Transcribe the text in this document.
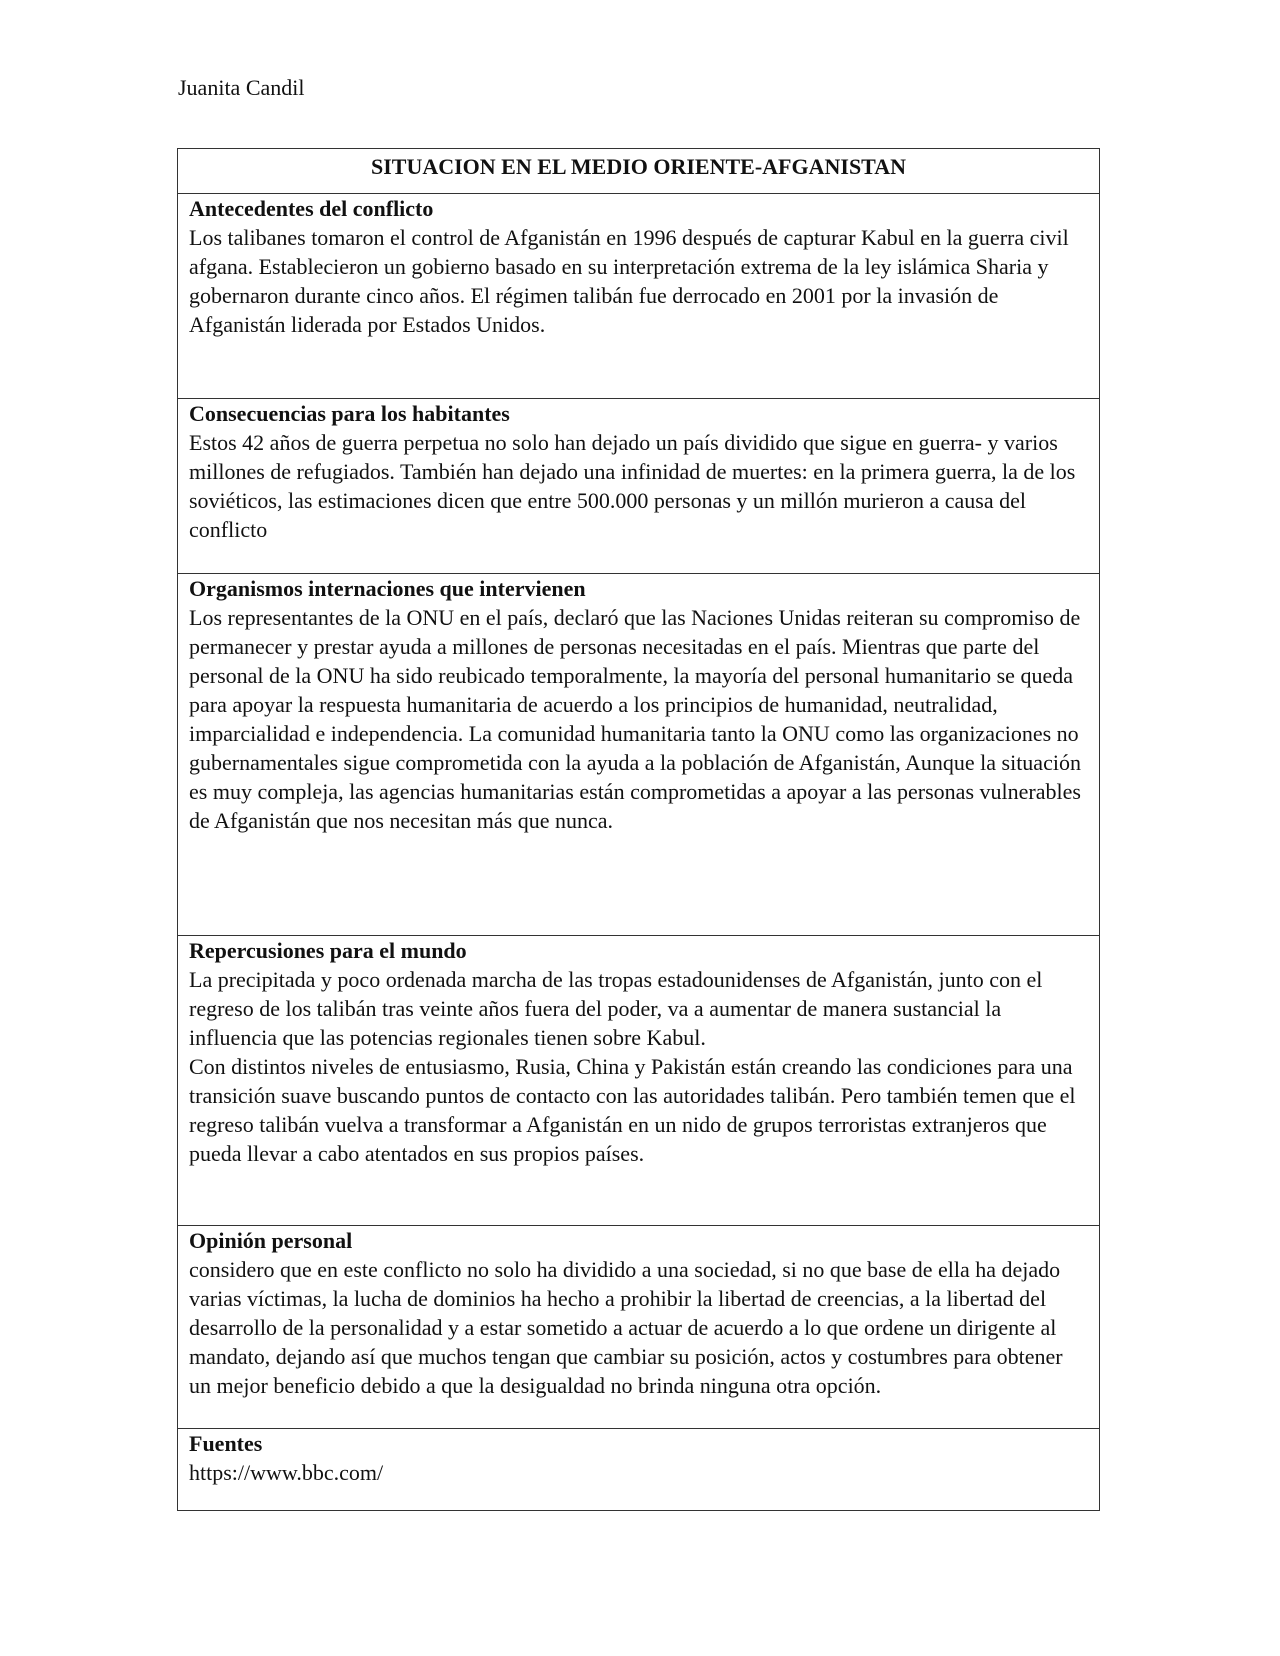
Juanita Candil
SITUACION EN EL MEDIO ORIENTE-AFGANISTAN

Antecedentes del conflicto
Los talibanes tomaron el control de Afganistán en 1996 después de capturar Kabul en la guerra civil afgana. Establecieron un gobierno basado en su interpretación extrema de la ley islámica Sharia y gobernaron durante cinco años. El régimen talibán fue derrocado en 2001 por la invasión de Afganistán liderada por Estados Unidos.

Consecuencias para los habitantes
Estos 42 años de guerra perpetua no solo han dejado un país dividido que sigue en guerra- y varios millones de refugiados. También han dejado una infinidad de muertes: en la primera guerra, la de los soviéticos, las estimaciones dicen que entre 500.000 personas y un millón murieron a causa del conflicto

Organismos internaciones que intervienen
Los representantes de la ONU en el país, declaró que las Naciones Unidas reiteran su compromiso de permanecer y prestar ayuda a millones de personas necesitadas en el país. Mientras que parte del personal de la ONU ha sido reubicado temporalmente, la mayoría del personal humanitario se queda para apoyar la respuesta humanitaria de acuerdo a los principios de humanidad, neutralidad, imparcialidad e independencia. La comunidad humanitaria tanto la ONU como las organizaciones no gubernamentales sigue comprometida con la ayuda a la población de Afganistán, Aunque la situación es muy compleja, las agencias humanitarias están comprometidas a apoyar a las personas vulnerables de Afganistán que nos necesitan más que nunca.

Repercusiones para el mundo
La precipitada y poco ordenada marcha de las tropas estadounidenses de Afganistán, junto con el regreso de los talibán tras veinte años fuera del poder, va a aumentar de manera sustancial la influencia que las potencias regionales tienen sobre Kabul.
Con distintos niveles de entusiasmo, Rusia, China y Pakistán están creando las condiciones para una transición suave buscando puntos de contacto con las autoridades talibán. Pero también temen que el regreso talibán vuelva a transformar a Afganistán en un nido de grupos terroristas extranjeros que pueda llevar a cabo atentados en sus propios países.

Opinión personal
considero que en este conflicto no solo ha dividido a una sociedad, si no que base de ella ha dejado varias víctimas, la lucha de dominios ha hecho a prohibir la libertad de creencias, a la libertad del desarrollo de la personalidad y a estar sometido a actuar de acuerdo a lo que ordene un dirigente al mandato, dejando así que muchos tengan que cambiar su posición, actos y costumbres para obtener un mejor beneficio debido a que la desigualdad no brinda ninguna otra opción.

Fuentes
https://www.bbc.com/
